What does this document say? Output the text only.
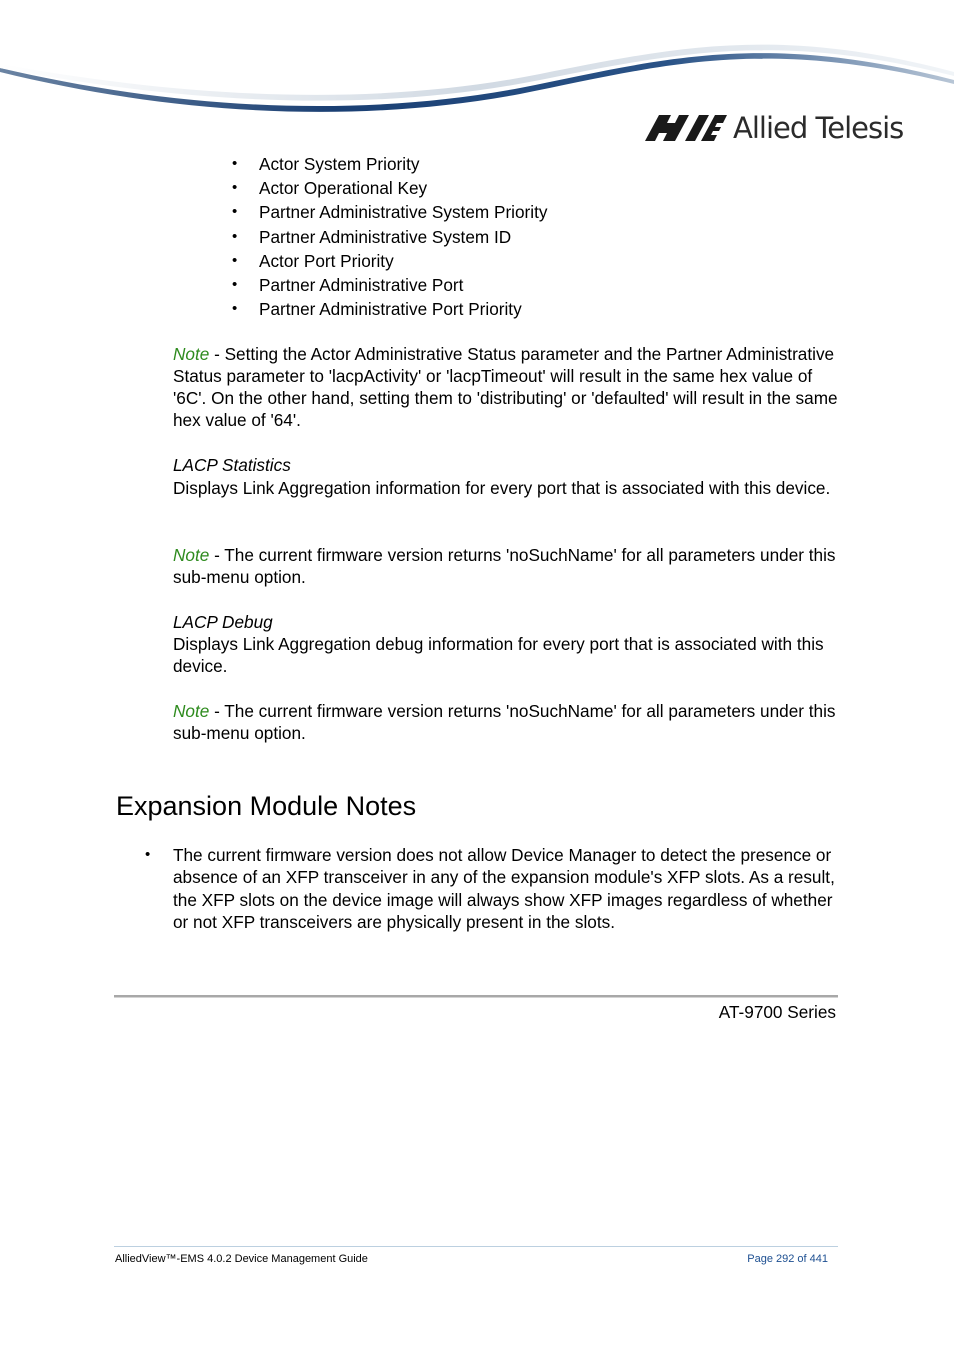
Allied Telesis
• Actor System Priority
• Actor Operational Key
• Partner Administrative System Priority
• Partner Administrative System ID
• Actor Port Priority
• Partner Administrative Port
• Partner Administrative Port Priority

Note - Setting the Actor Administrative Status parameter and the Partner Administrative Status parameter to 'lacpActivity' or 'lacpTimeout' will result in the same hex value of '6C'. On the other hand, setting them to 'distributing' or 'defaulted' will result in the same hex value of '64'.

LACP Statistics

Displays Link Aggregation information for every port that is associated with this device.

Note - The current firmware version returns 'noSuchName' for all parameters under this sub-menu option.

LACP Debug

Displays Link Aggregation debug information for every port that is associated with this device.

Note - The current firmware version returns 'noSuchName' for all parameters under this sub-menu option.

Expansion Module Notes
• The current firmware version does not allow Device Manager to detect the presence or absence of an XFP transceiver in any of the expansion module's XFP slots. As a result, the XFP slots on the device image will always show XFP images regardless of whether or not XFP transceivers are physically present in the slots.
AT-9700 Series
AlliedView™-EMS 4.0.2 Device Management Guide	Page 292 of 441
